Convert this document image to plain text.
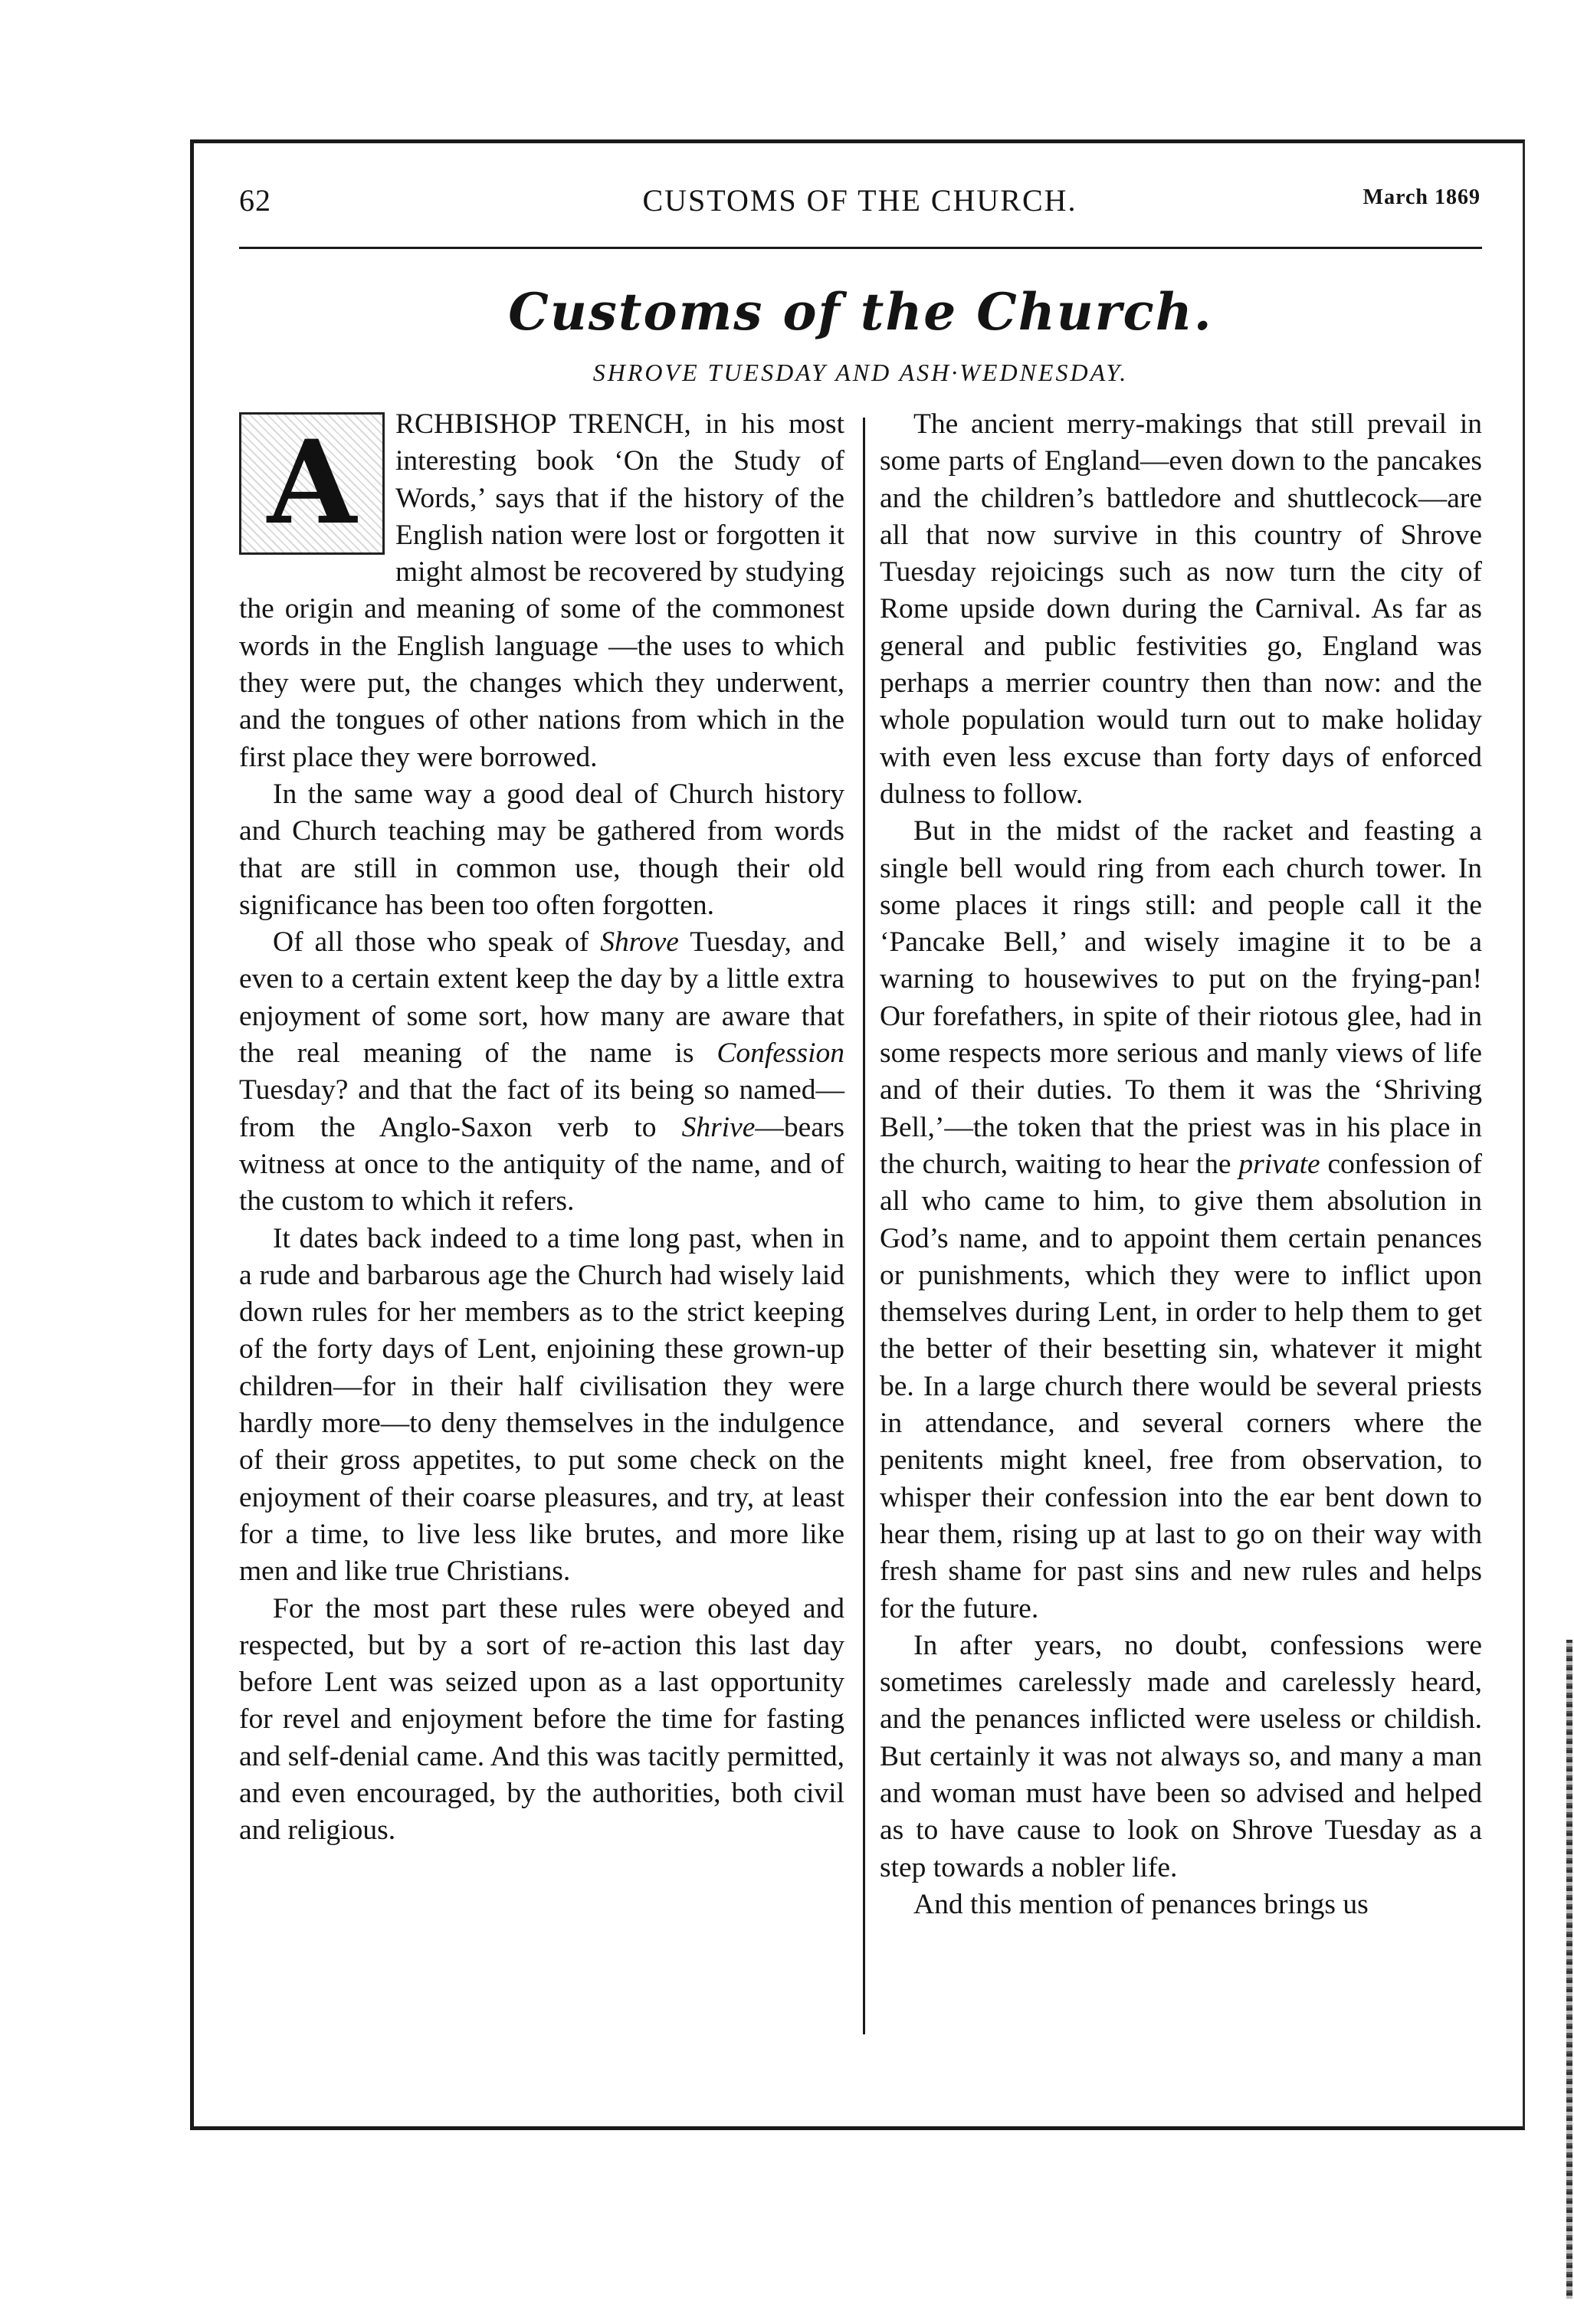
62	CUSTOMS OF THE CHURCH.	March 1869
Customs of the Church.
SHROVE TUESDAY AND ASH·WEDNESDAY.

A	RCHBISHOP TRENCH, in his most interesting book ‘On the Study of Words,’ says that if the history of the English nation were lost or forgotten it might almost be recovered by studying the origin and meaning of some of the commonest words in the English language —the uses to which they were put, the changes which they underwent, and the tongues of other nations from which in the first place they were borrowed.

In the same way a good deal of Church history and Church teaching may be gathered from words that are still in common use, though their old significance has been too often forgotten.

Of all those who speak of Shrove Tuesday, and even to a certain extent keep the day by a little extra enjoyment of some sort, how many are aware that the real meaning of the name is Confession Tuesday? and that the fact of its being so named—from the Anglo-Saxon verb to Shrive—bears witness at once to the antiquity of the name, and of the custom to which it refers.

It dates back indeed to a time long past, when in a rude and barbarous age the Church had wisely laid down rules for her members as to the strict keeping of the forty days of Lent, enjoining these grown-up children—for in their half civilisation they were hardly more—to deny themselves in the indulgence of their gross appetites, to put some check on the enjoyment of their coarse pleasures, and try, at least for a time, to live less like brutes, and more like men and like true Christians.

For the most part these rules were obeyed and respected, but by a sort of re-action this last day before Lent was seized upon as a last opportunity for revel and enjoyment before the time for fasting and self-denial came. And this was tacitly permitted, and even encouraged, by the authorities, both civil and religious.

The ancient merry-makings that still prevail in some parts of England—even down to the pancakes and the children’s battledore and shuttlecock—are all that now survive in this country of Shrove Tuesday rejoicings such as now turn the city of Rome upside down during the Carnival. As far as general and public festivities go, England was perhaps a merrier country then than now: and the whole population would turn out to make holiday with even less excuse than forty days of enforced dulness to follow.

But in the midst of the racket and feasting a single bell would ring from each church tower. In some places it rings still: and people call it the ‘Pancake Bell,’ and wisely imagine it to be a warning to housewives to put on the frying-pan! Our forefathers, in spite of their riotous glee, had in some respects more serious and manly views of life and of their duties. To them it was the ‘Shriving Bell,’—the token that the priest was in his place in the church, waiting to hear the private confession of all who came to him, to give them absolution in God’s name, and to appoint them certain penances or punishments, which they were to inflict upon themselves during Lent, in order to help them to get the better of their besetting sin, whatever it might be. In a large church there would be several priests in attendance, and several corners where the penitents might kneel, free from observation, to whisper their confession into the ear bent down to hear them, rising up at last to go on their way with fresh shame for past sins and new rules and helps for the future.

In after years, no doubt, confessions were sometimes carelessly made and carelessly heard, and the penances inflicted were useless or childish. But certainly it was not always so, and many a man and woman must have been so advised and helped as to have cause to look on Shrove Tuesday as a step towards a nobler life.

And this mention of penances brings us
